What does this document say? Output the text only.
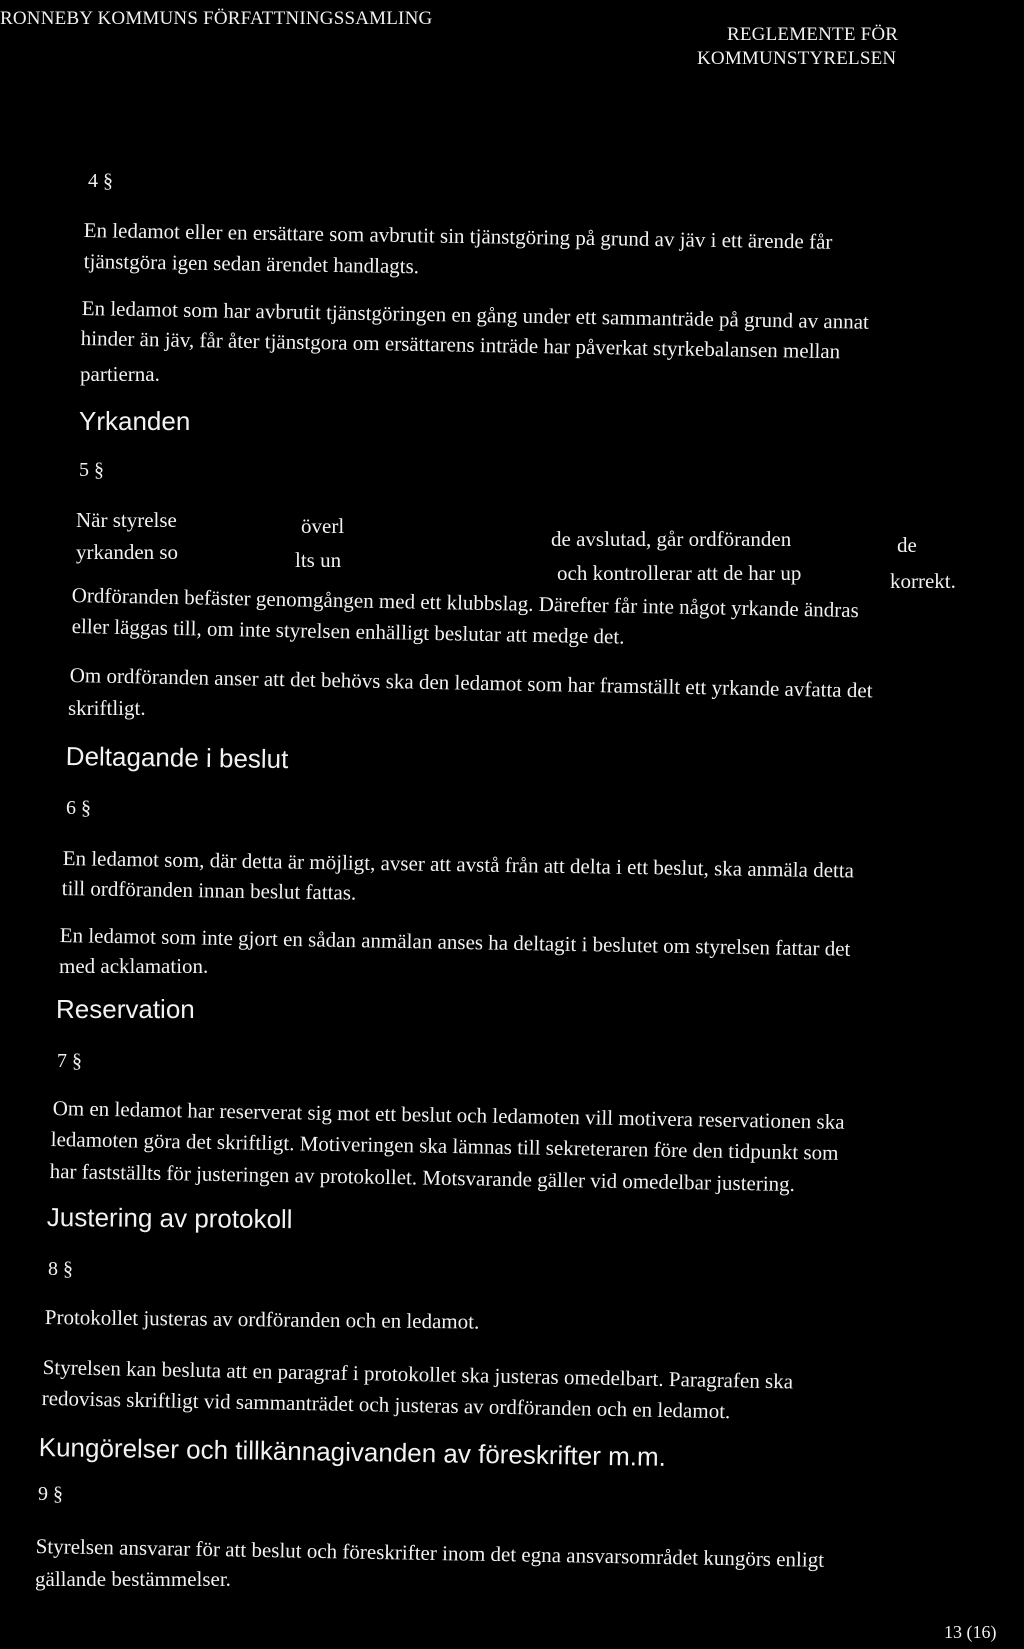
RONNEBY KOMMUNS FÖRFATTNINGSSAMLING
REGLEMENTE FÖR
KOMMUNSTYRELSEN
4 §
En ledamot eller en ersättare som avbrutit sin tjänstgöring på grund av jäv i ett ärende får
tjänstgöra igen sedan ärendet handlagts.
En ledamot som har avbrutit tjänstgöringen en gång under ett sammanträde på grund av annat
hinder än jäv, får åter tjänstgora om ersättarens inträde har påverkat styrkebalansen mellan
partierna.
Yrkanden
5 §
När styrelse
yrkanden so
överl
lts un
de avslutad, går ordföranden
och kontrollerar att de har up
de
korrekt.
Ordföranden befäster genomgången med ett klubbslag. Därefter får inte något yrkande ändras
eller läggas till, om inte styrelsen enhälligt beslutar att medge det.
Om ordföranden anser att det behövs ska den ledamot som har framställt ett yrkande avfatta det
skriftligt.
Deltagande i beslut
6 §
En ledamot som, där detta är möjligt, avser att avstå från att delta i ett beslut, ska anmäla detta
till ordföranden innan beslut fattas.
En ledamot som inte gjort en sådan anmälan anses ha deltagit i beslutet om styrelsen fattar det
med acklamation.
Reservation
7 §
Om en ledamot har reserverat sig mot ett beslut och ledamoten vill motivera reservationen ska
ledamoten göra det skriftligt. Motiveringen ska lämnas till sekreteraren före den tidpunkt som
har fastställts för justeringen av protokollet. Motsvarande gäller vid omedelbar justering.
Justering av protokoll
8 §
Protokollet justeras av ordföranden och en ledamot.
Styrelsen kan besluta att en paragraf i protokollet ska justeras omedelbart. Paragrafen ska
redovisas skriftligt vid sammanträdet och justeras av ordföranden och en ledamot.
Kungörelser och tillkännagivanden av föreskrifter m.m.
9 §
Styrelsen ansvarar för att beslut och föreskrifter inom det egna ansvarsområdet kungörs enligt
gällande bestämmelser.
13 (16)
